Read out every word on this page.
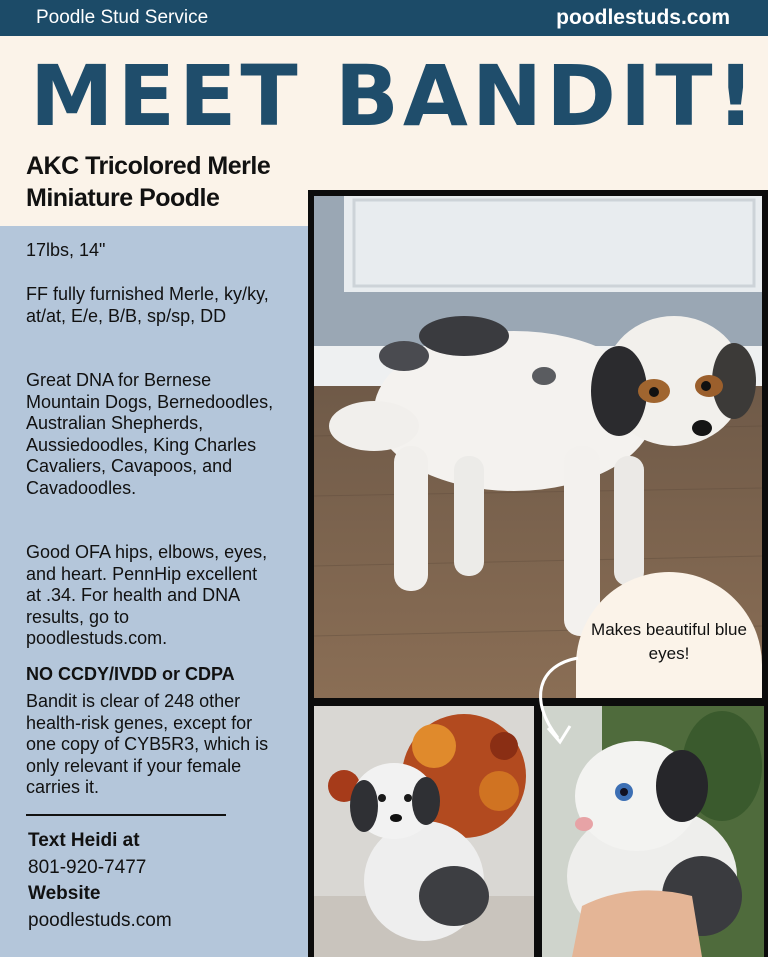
Poodle Stud Service	poodlestuds.com
MEET BANDIT!
AKC Tricolored Merle
Miniature Poodle

17lbs, 14"

FF fully furnished Merle, ky/ky, at/at, E/e, B/B, sp/sp, DD

Great DNA for Bernese Mountain Dogs, Bernedoodles, Australian Shepherds, Aussiedoodles, King Charles Cavaliers, Cavapoos, and Cavadoodles.

Good OFA hips, elbows, eyes, and heart. PennHip excellent at .34. For health and DNA results, go to poodlestuds.com.

NO CCDY/IVDD or CDPA

Bandit is clear of 248 other health-risk genes, except for one copy of CYB5R3, which is only relevant if your female carries it.

Text Heidi at
801-920-7477
Website
poodlestuds.com
Makes beautiful blue eyes!
